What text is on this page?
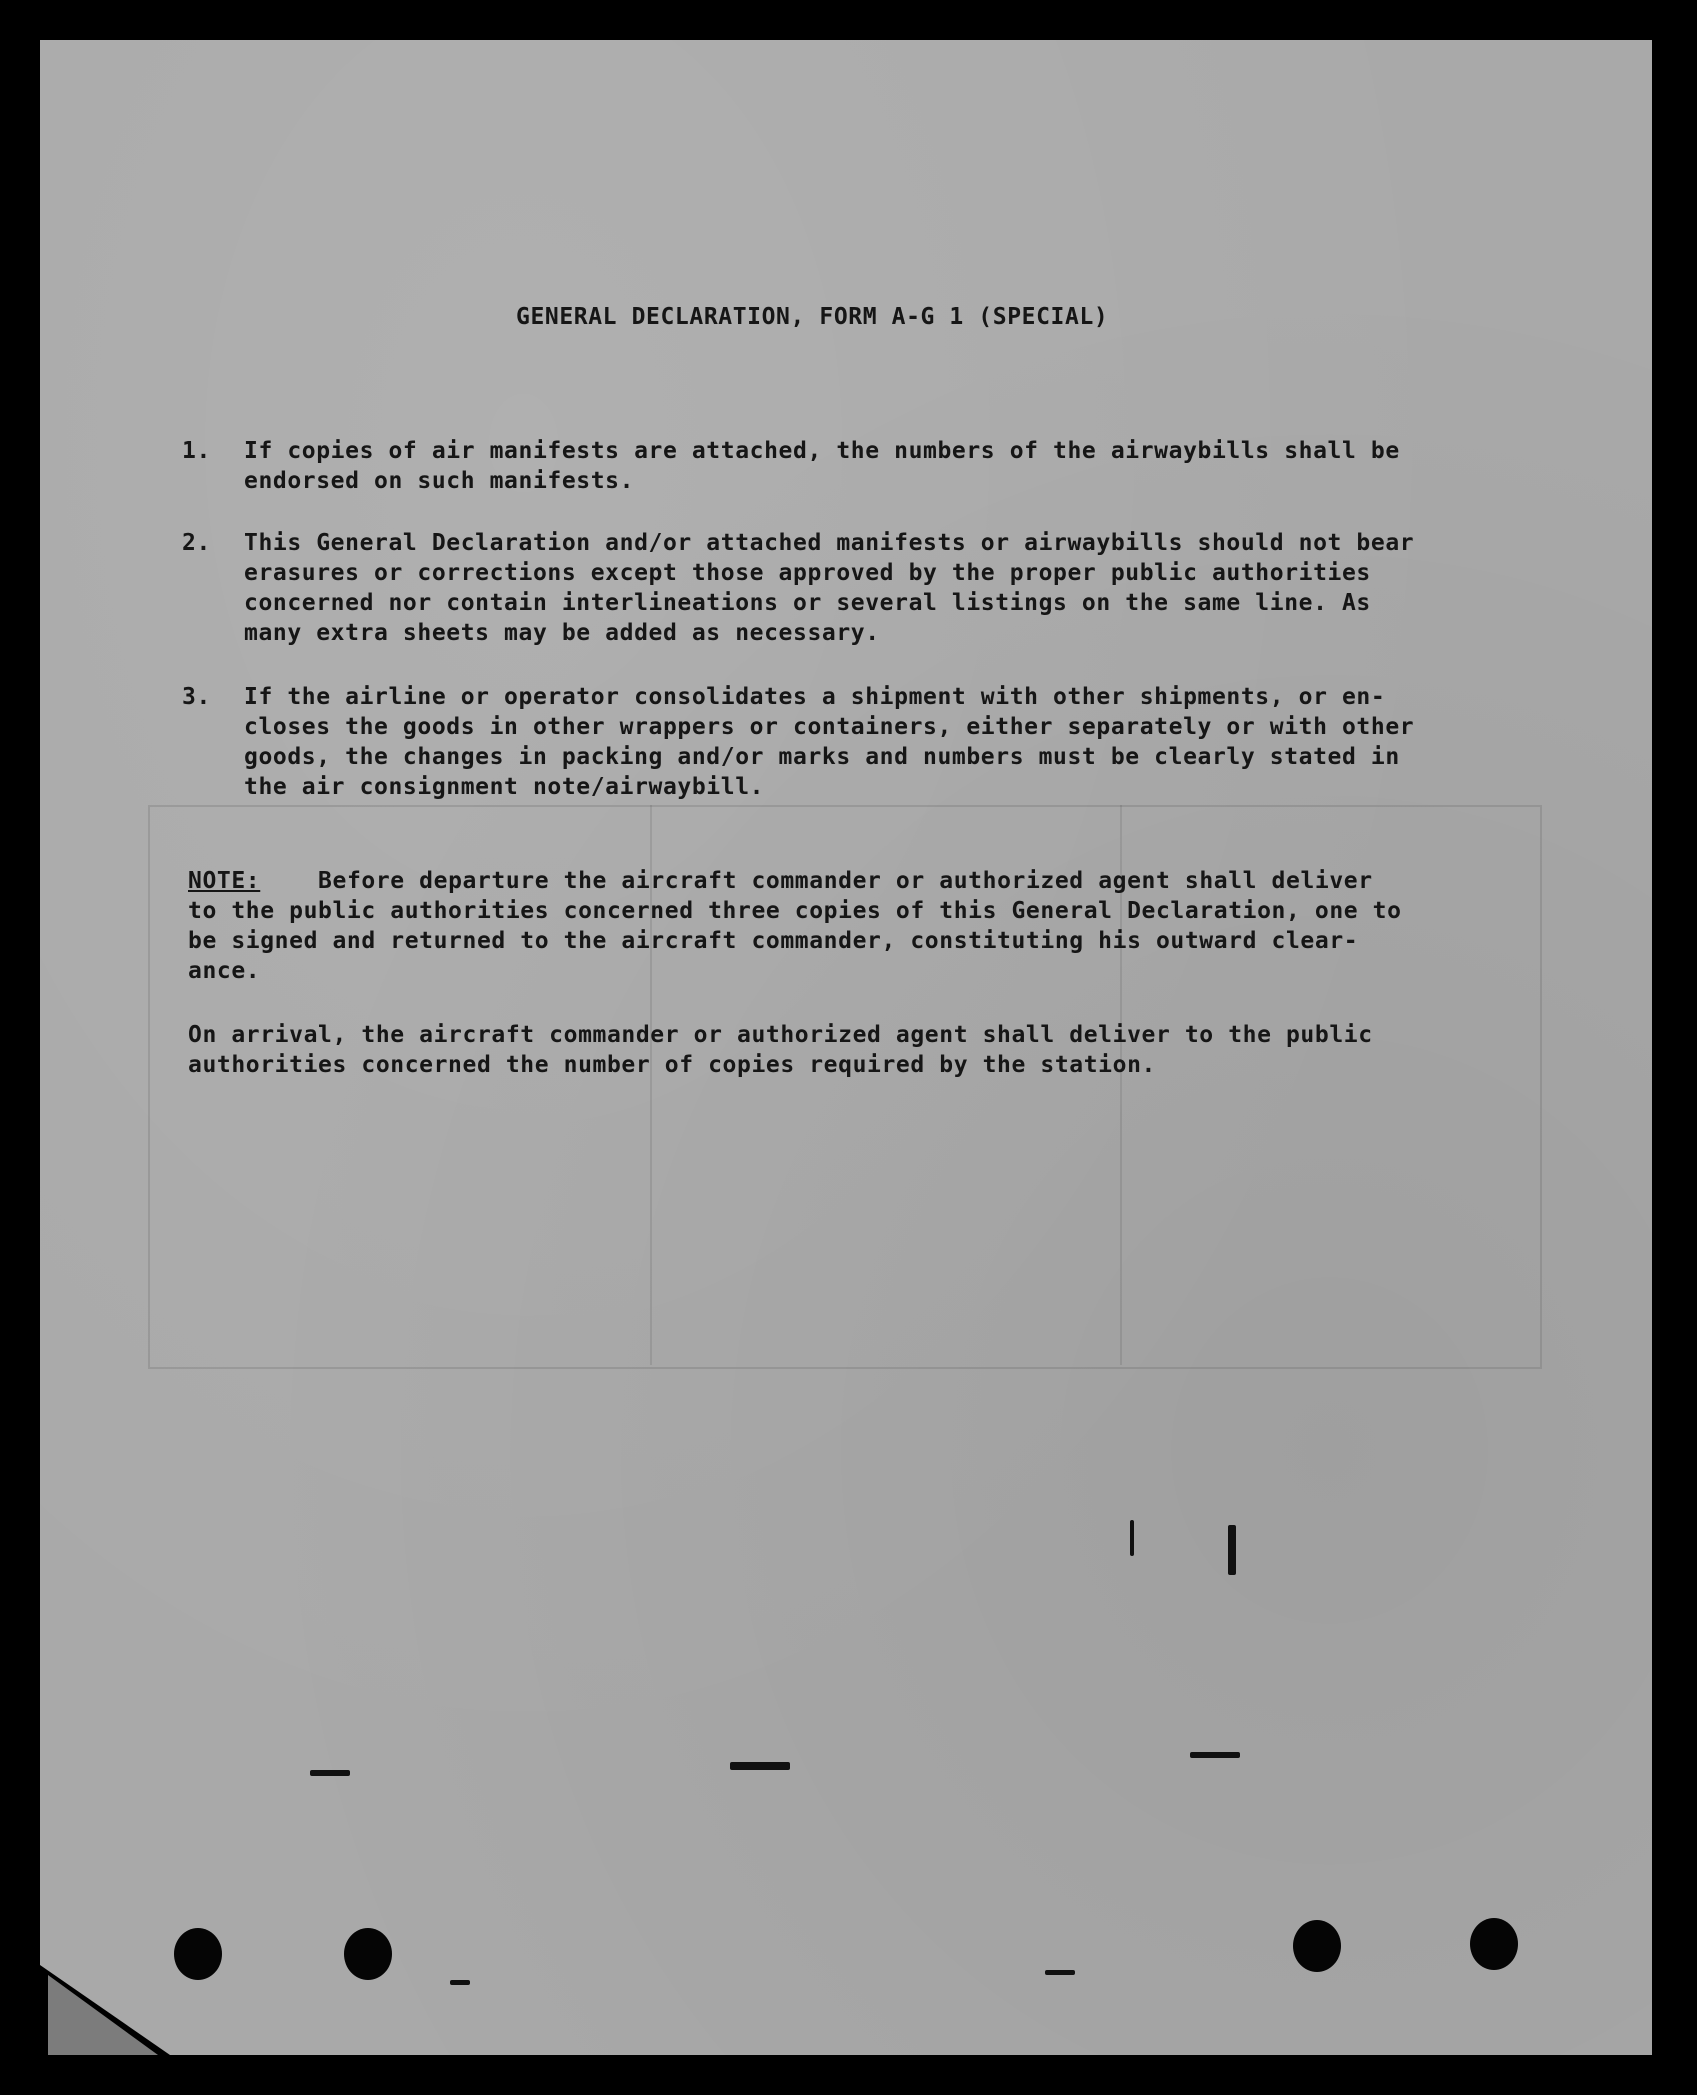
GENERAL DECLARATION, FORM A-G 1 (SPECIAL)
1.	If copies of air manifests are attached, the numbers of the airwaybills shall be
endorsed on such manifests.
2.	This General Declaration and/or attached manifests or airwaybills should not bear
erasures or corrections except those approved by the proper public authorities
concerned nor contain interlineations or several listings on the same line. As
many extra sheets may be added as necessary.
3.	If the airline or operator consolidates a shipment with other shipments, or en-
closes the goods in other wrappers or containers, either separately or with other
goods, the changes in packing and/or marks and numbers must be clearly stated in
the air consignment note/airwaybill.
NOTE:	Before departure the aircraft commander or authorized agent shall deliver
to the public authorities concerned three copies of this General Declaration, one to
be signed and returned to the aircraft commander, constituting his outward clear-
ance.
On arrival, the aircraft commander or authorized agent shall deliver to the public
authorities concerned the number of copies required by the station.
